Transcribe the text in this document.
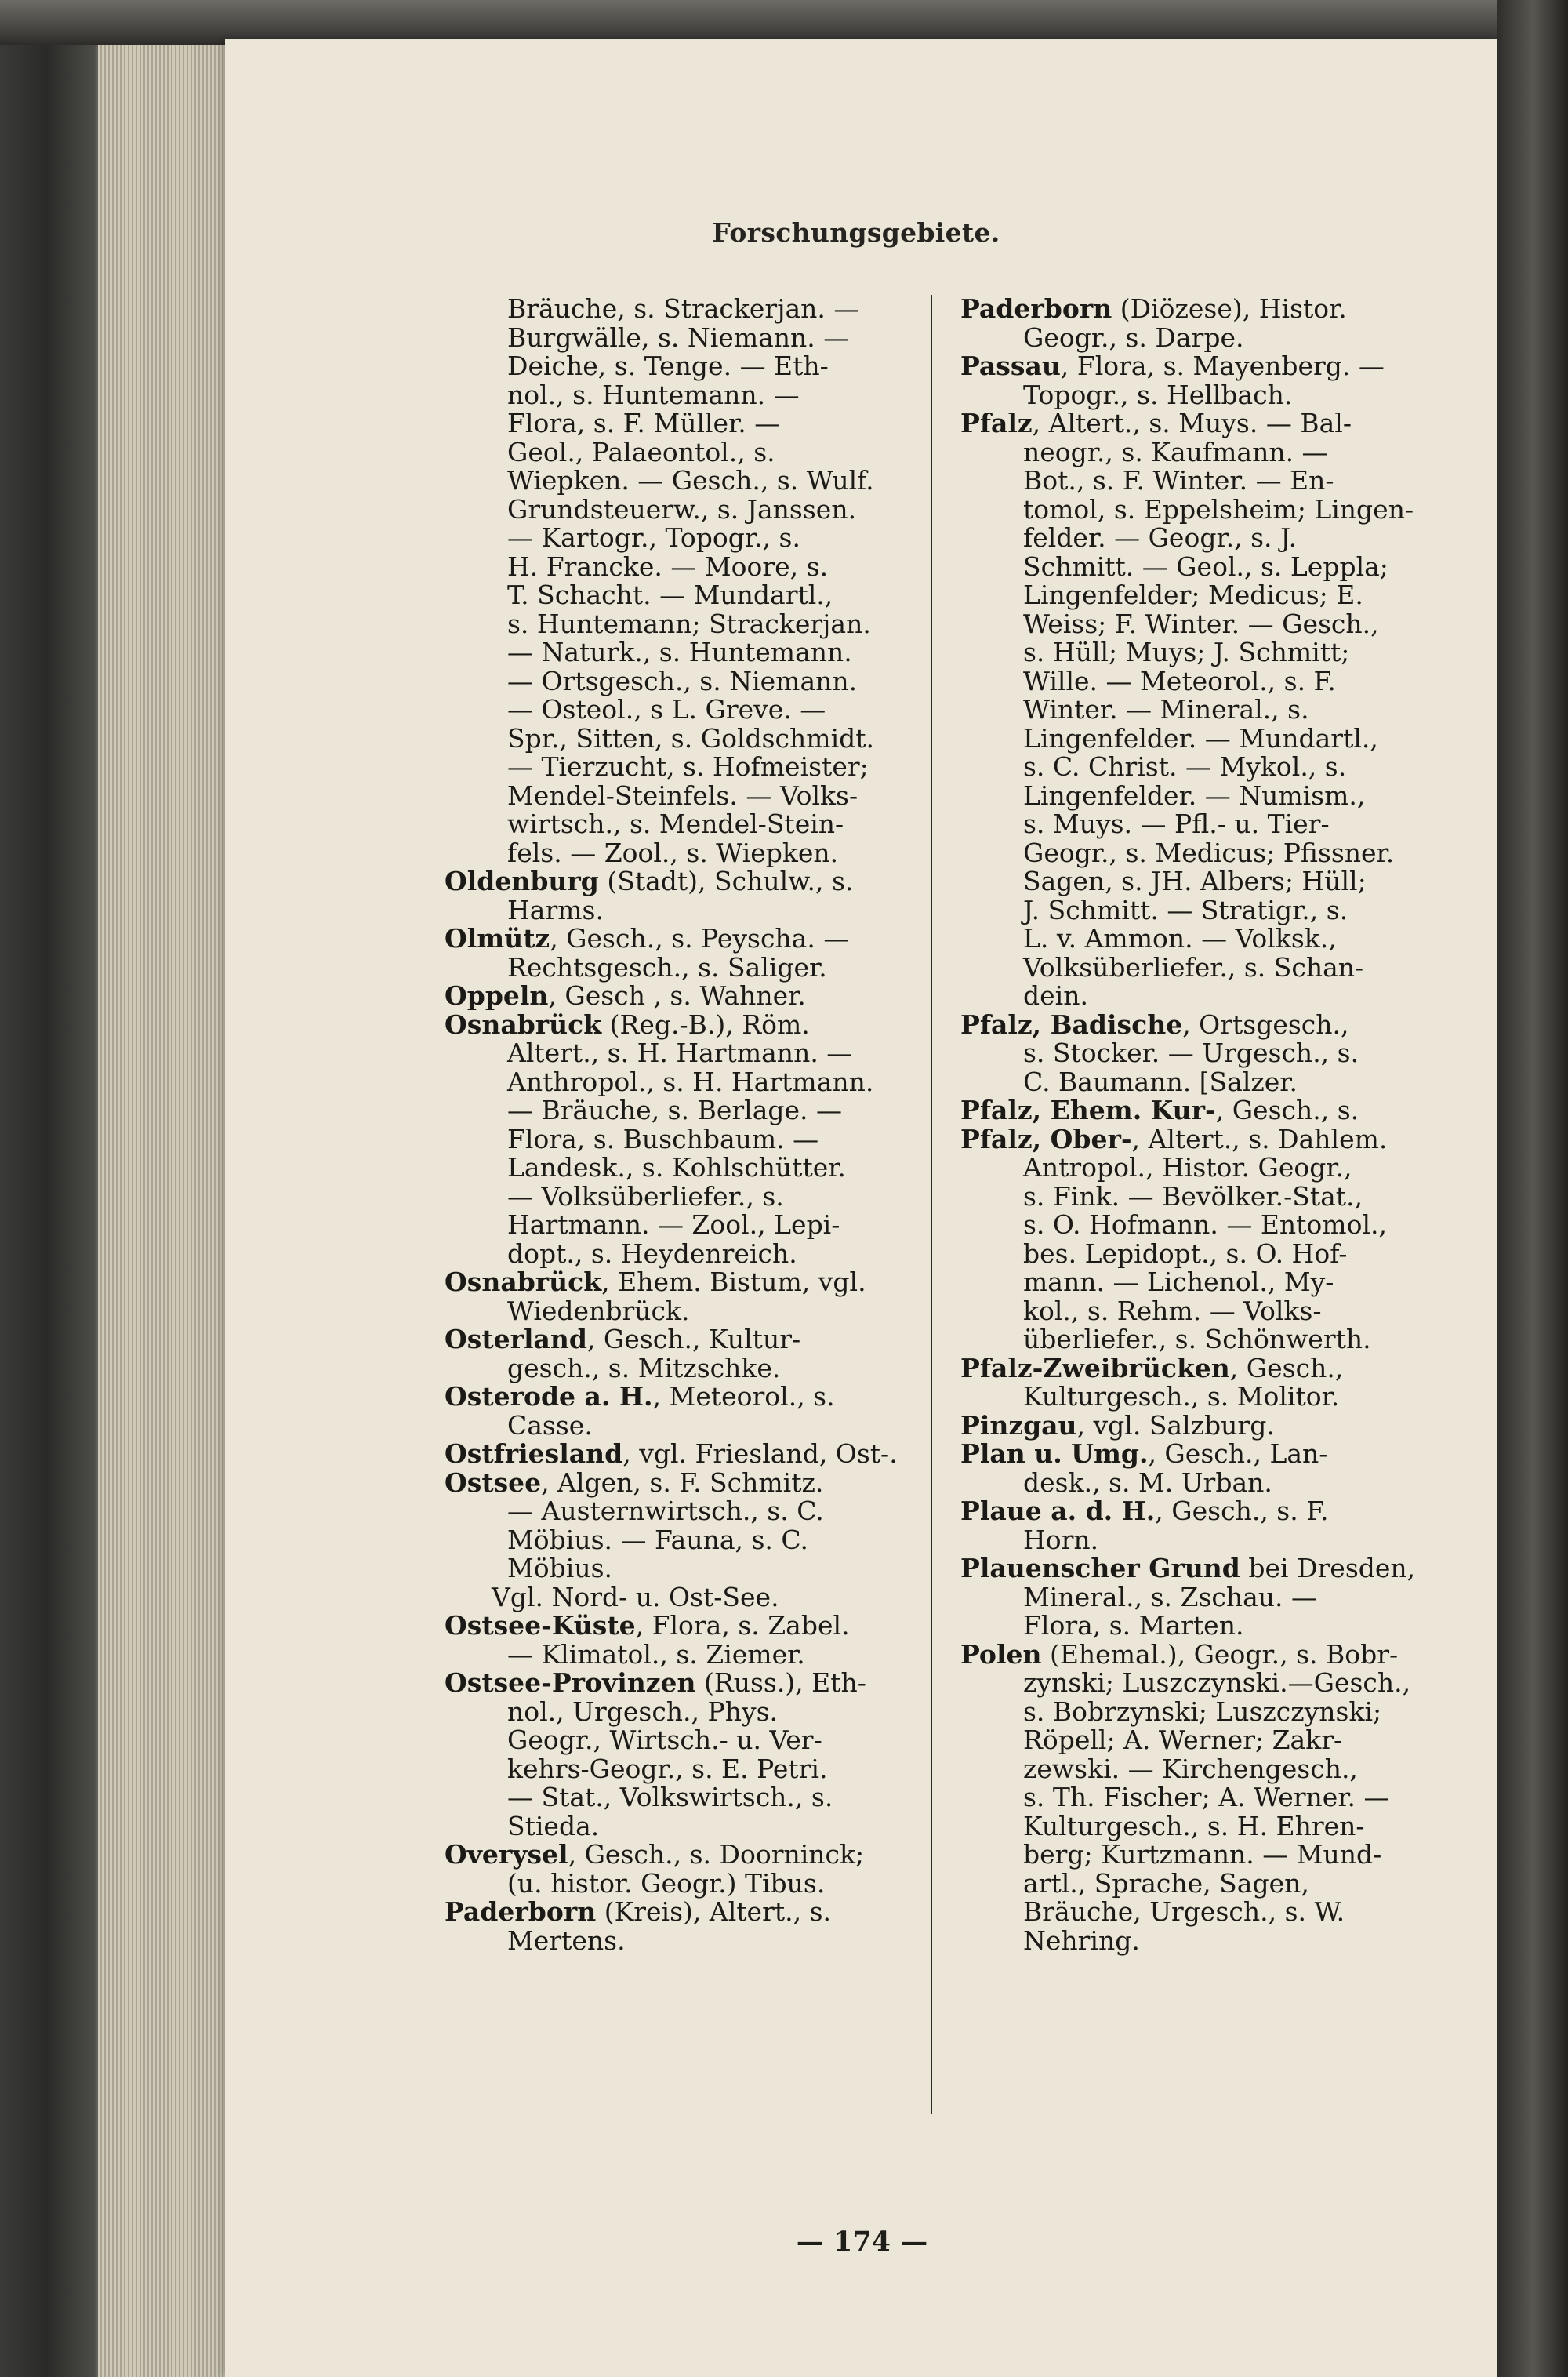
Forschungsgebiete.
Bräuche, s. Strackerjan. —
Burgwälle, s. Niemann. —
Deiche, s. Tenge. — Eth-
nol., s. Huntemann. —
Flora, s. F. Müller. —
Geol., Palaeontol., s.
Wiepken. — Gesch., s. Wulf.
Grundsteuerw., s. Janssen.
— Kartogr., Topogr., s.
H. Francke. — Moore, s.
T. Schacht. — Mundartl.,
s. Huntemann; Strackerjan.
— Naturk., s. Huntemann.
— Ortsgesch., s. Niemann.
— Osteol., s L. Greve. —
Spr., Sitten, s. Goldschmidt.
— Tierzucht, s. Hofmeister;
Mendel-Steinfels. — Volks-
wirtsch., s. Mendel-Stein-
fels. — Zool., s. Wiepken.
Oldenburg (Stadt), Schulw., s.
Harms.
Olmütz, Gesch., s. Peyscha. —
Rechtsgesch., s. Saliger.
Oppeln, Gesch , s. Wahner.
Osnabrück (Reg.-B.), Röm.
Altert., s. H. Hartmann. —
Anthropol., s. H. Hartmann.
— Bräuche, s. Berlage. —
Flora, s. Buschbaum. —
Landesk., s. Kohlschütter.
— Volksüberliefer., s.
Hartmann. — Zool., Lepi-
dopt., s. Heydenreich.
Osnabrück, Ehem. Bistum, vgl.
Wiedenbrück.
Osterland, Gesch., Kultur-
gesch., s. Mitzschke.
Osterode a. H., Meteorol., s.
Casse.
Ostfriesland, vgl. Friesland, Ost-.
Ostsee, Algen, s. F. Schmitz.
— Austernwirtsch., s. C.
Möbius. — Fauna, s. C.
Möbius.
Vgl. Nord- u. Ost-See.
Ostsee-Küste, Flora, s. Zabel.
— Klimatol., s. Ziemer.
Ostsee-Provinzen (Russ.), Eth-
nol., Urgesch., Phys.
Geogr., Wirtsch.- u. Ver-
kehrs-Geogr., s. E. Petri.
— Stat., Volkswirtsch., s.
Stieda.
Overysel, Gesch., s. Doorninck;
(u. histor. Geogr.) Tibus.
Paderborn (Kreis), Altert., s.
Mertens.
Paderborn (Diözese), Histor.
Geogr., s. Darpe.
Passau, Flora, s. Mayenberg. —
Topogr., s. Hellbach.
Pfalz, Altert., s. Muys. — Bal-
neogr., s. Kaufmann. —
Bot., s. F. Winter. — En-
tomol, s. Eppelsheim; Lingen-
felder. — Geogr., s. J.
Schmitt. — Geol., s. Leppla;
Lingenfelder; Medicus; E.
Weiss; F. Winter. — Gesch.,
s. Hüll; Muys; J. Schmitt;
Wille. — Meteorol., s. F.
Winter. — Mineral., s.
Lingenfelder. — Mundartl.,
s. C. Christ. — Mykol., s.
Lingenfelder. — Numism.,
s. Muys. — Pfl.- u. Tier-
Geogr., s. Medicus; Pfissner.
Sagen, s. JH. Albers; Hüll;
J. Schmitt. — Stratigr., s.
L. v. Ammon. — Volksk.,
Volksüberliefer., s. Schan-
dein.
Pfalz, Badische, Ortsgesch.,
s. Stocker. — Urgesch., s.
C. Baumann. [Salzer.
Pfalz, Ehem. Kur-, Gesch., s.
Pfalz, Ober-, Altert., s. Dahlem.
Antropol., Histor. Geogr.,
s. Fink. — Bevölker.-Stat.,
s. O. Hofmann. — Entomol.,
bes. Lepidopt., s. O. Hof-
mann. — Lichenol., My-
kol., s. Rehm. — Volks-
überliefer., s. Schönwerth.
Pfalz-Zweibrücken, Gesch.,
Kulturgesch., s. Molitor.
Pinzgau, vgl. Salzburg.
Plan u. Umg., Gesch., Lan-
desk., s. M. Urban.
Plaue a. d. H., Gesch., s. F.
Horn.
Plauenscher Grund bei Dresden,
Mineral., s. Zschau. —
Flora, s. Marten.
Polen (Ehemal.), Geogr., s. Bobr-
zynski; Luszczynski.—Gesch.,
s. Bobrzynski; Luszczynski;
Röpell; A. Werner; Zakr-
zewski. — Kirchengesch.,
s. Th. Fischer; A. Werner. —
Kulturgesch., s. H. Ehren-
berg; Kurtzmann. — Mund-
artl., Sprache, Sagen,
Bräuche, Urgesch., s. W.
Nehring.
— 174 —
